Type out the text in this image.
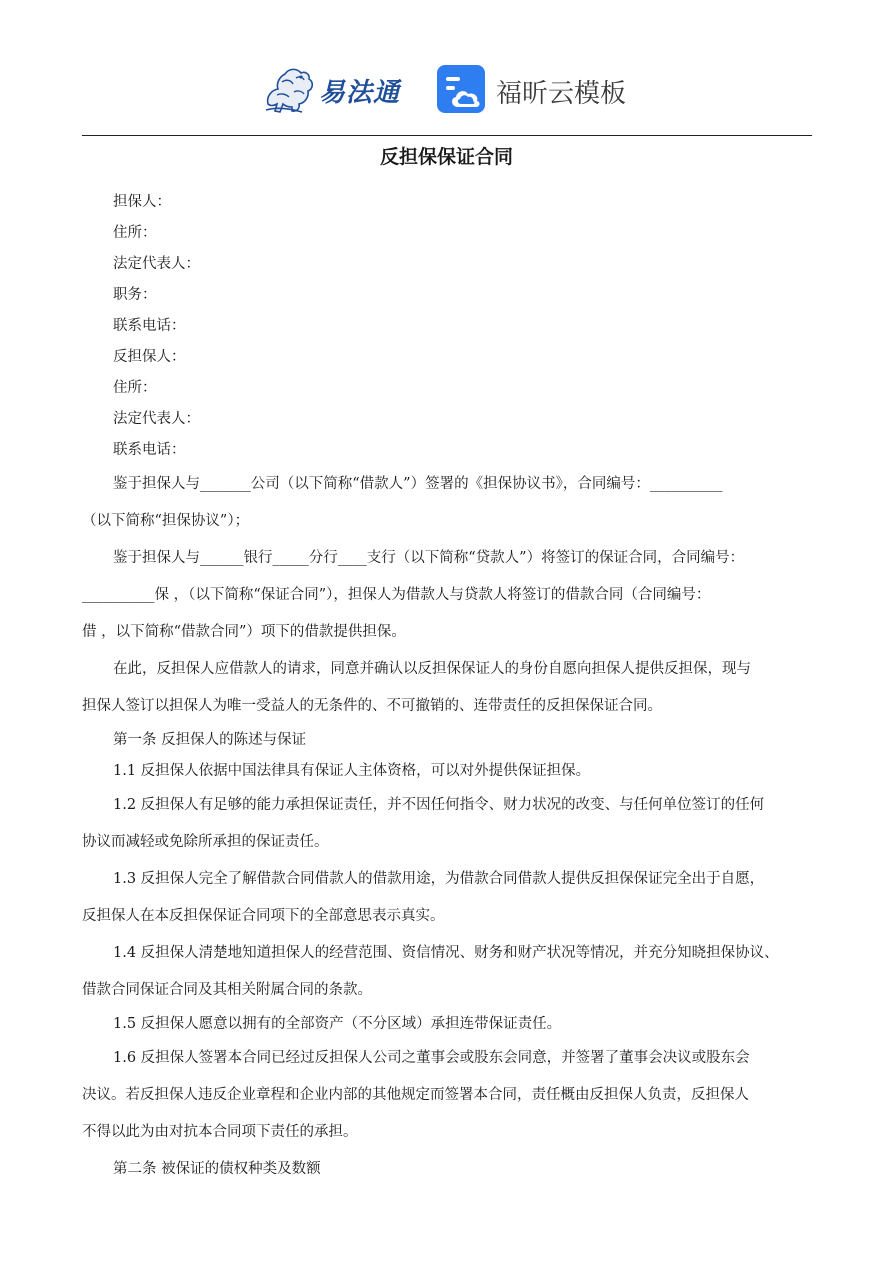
易法通	福昕云模板
反担保保证合同
担保人：
住所：
法定代表人：
职务：
联系电话：
反担保人：
住所：
法定代表人：
联系电话：
鉴于担保人与_______公司（以下简称“借款人”）签署的《担保协议书》，合同编号：__________
（以下简称“担保协议”）；
鉴于担保人与______银行_____分行____支行（以下简称“贷款人”）将签订的保证合同，合同编号：
__________保 ，（以下简称“保证合同”），担保人为借款人与贷款人将签订的借款合同（合同编号：
借 ，以下简称“借款合同”）项下的借款提供担保。
在此，反担保人应借款人的请求，同意并确认以反担保保证人的身份自愿向担保人提供反担保，现与
担保人签订以担保人为唯一受益人的无条件的、不可撤销的、连带责任的反担保保证合同。
第一条 反担保人的陈述与保证
1.1 反担保人依据中国法律具有保证人主体资格，可以对外提供保证担保。
1.2 反担保人有足够的能力承担保证责任，并不因任何指令、财力状况的改变、与任何单位签订的任何
协议而减轻或免除所承担的保证责任。
1.3 反担保人完全了解借款合同借款人的借款用途，为借款合同借款人提供反担保保证完全出于自愿，
反担保人在本反担保保证合同项下的全部意思表示真实。
1.4 反担保人清楚地知道担保人的经营范围、资信情况、财务和财产状况等情况，并充分知晓担保协议、
借款合同保证合同及其相关附属合同的条款。
1.5 反担保人愿意以拥有的全部资产（不分区域）承担连带保证责任。
1.6 反担保人签署本合同已经过反担保人公司之董事会或股东会同意，并签署了董事会决议或股东会
决议。若反担保人违反企业章程和企业内部的其他规定而签署本合同，责任概由反担保人负责，反担保人
不得以此为由对抗本合同项下责任的承担。
第二条 被保证的债权种类及数额
